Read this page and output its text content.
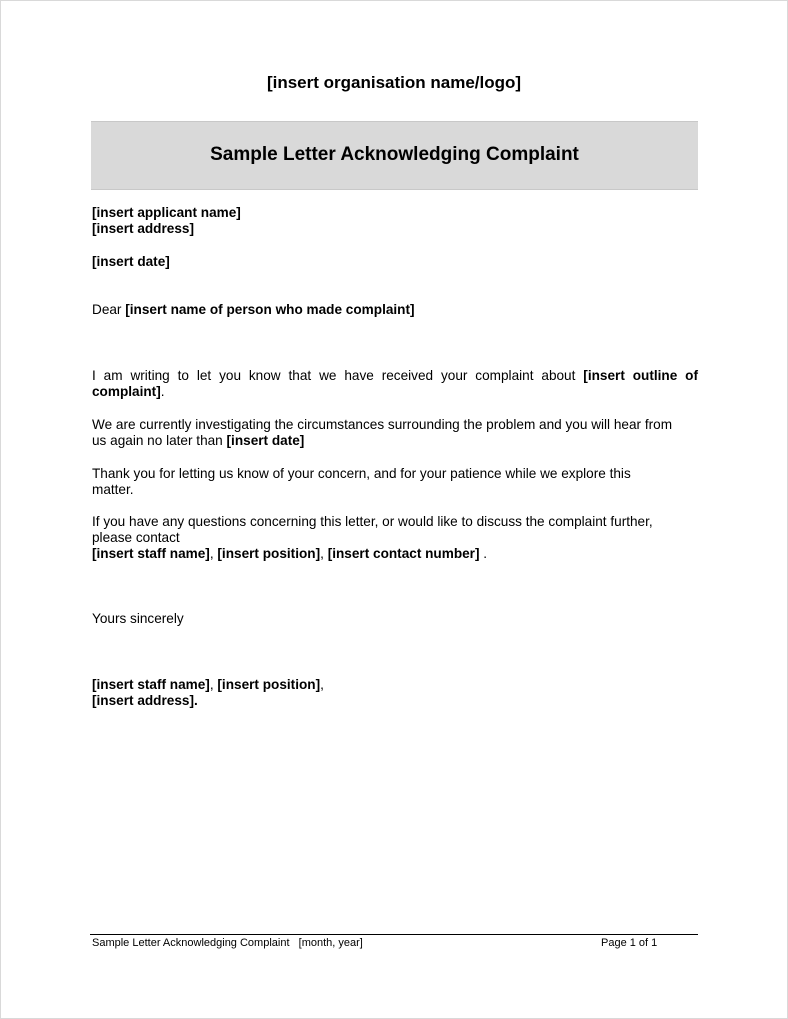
[insert organisation name/logo]
Sample Letter Acknowledging Complaint
[insert applicant name]
[insert address]
[insert date]
Dear [insert name of person who made complaint]
I am writing to let you know that we have received your complaint about [insert outline of
complaint].
We are currently investigating the circumstances surrounding the problem and you will hear from
us again no later than [insert date]
Thank you for letting us know of your concern, and for your patience while we explore this
matter.
If you have any questions concerning this letter, or would like to discuss the complaint further,
please contact
[insert staff name], [insert position], [insert contact number] .
Yours sincerely
[insert staff name], [insert position],
[insert address].
Sample Letter Acknowledging Complaint   [month, year]	Page 1 of 1
